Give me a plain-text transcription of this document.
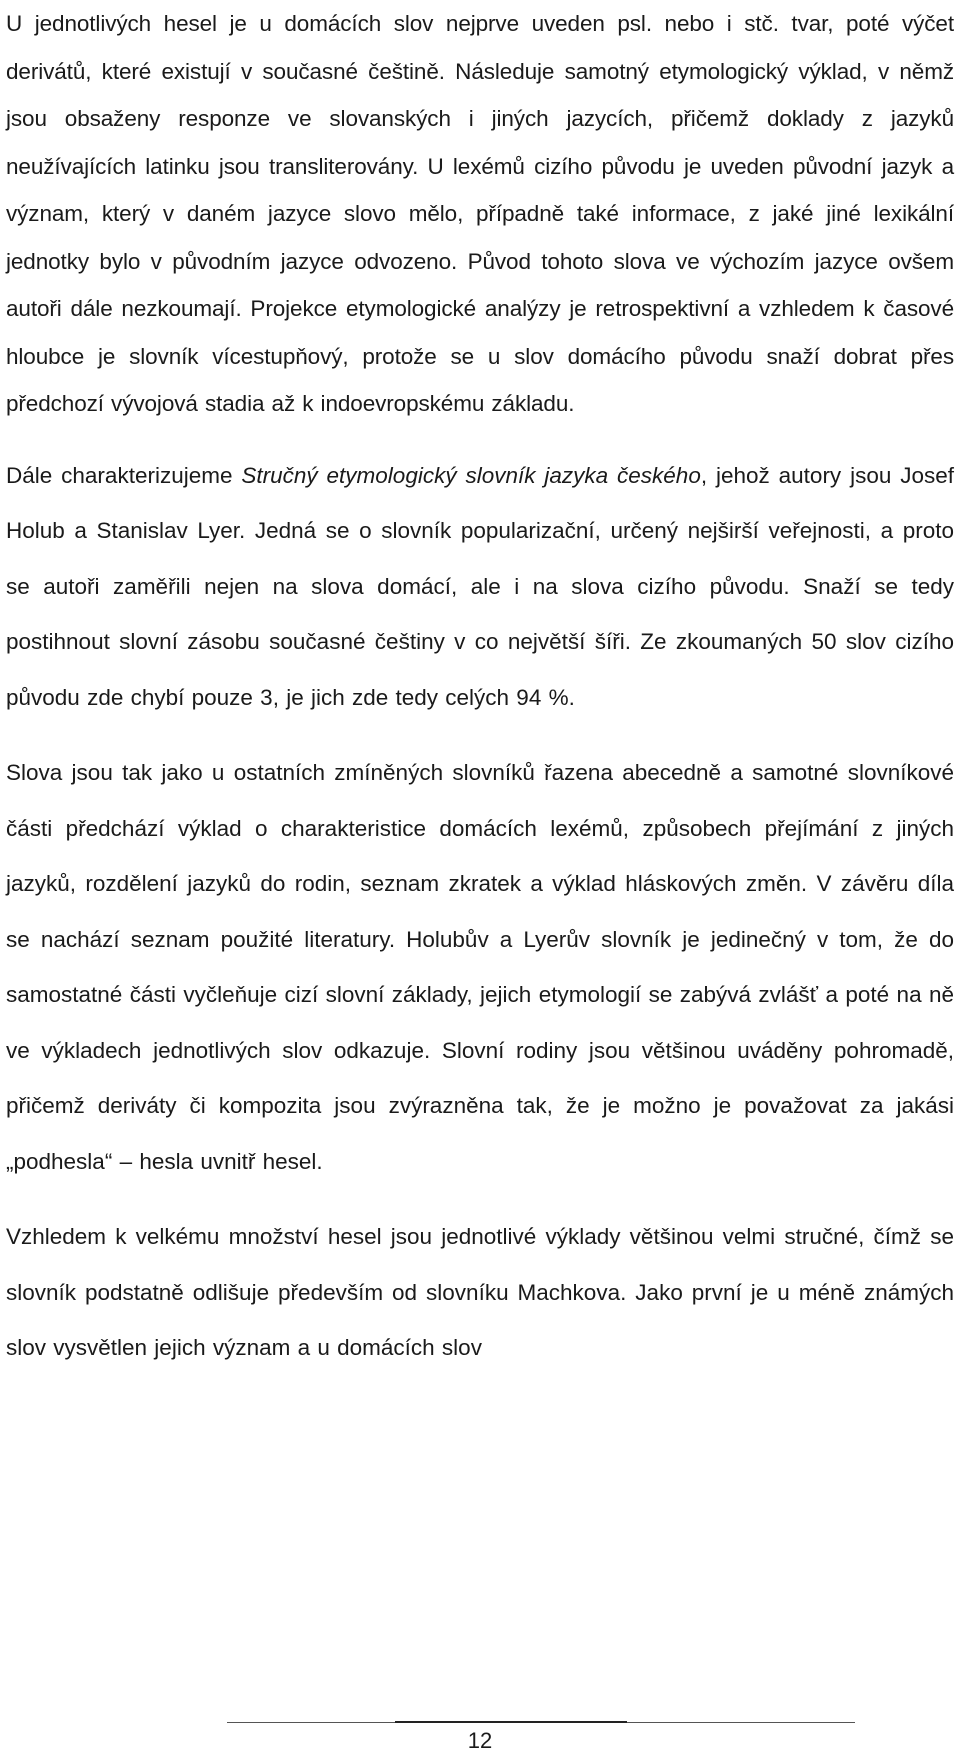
U jednotlivých hesel je u domácích slov nejprve uveden psl. nebo i stč. tvar, poté výčet derivátů, které existují v současné češtině. Následuje samotný etymologický výklad, v němž jsou obsaženy responze ve slovanských i jiných jazycích, přičemž doklady z jazyků neužívajících latinku jsou transliterovány. U lexémů cizího původu je uveden původní jazyk a význam, který v daném jazyce slovo mělo, případně také informace, z jaké jiné lexikální jednotky bylo v původním jazyce odvozeno. Původ tohoto slova ve výchozím jazyce ovšem autoři dále nezkoumají. Projekce etymologické analýzy je retrospektivní a vzhledem k časové hloubce je slovník vícestupňový, protože se u slov domácího původu snaží dobrat přes předchozí vývojová stadia až k indoevropskému základu.

Dále charakterizujeme Stručný etymologický slovník jazyka českého, jehož autory jsou Josef Holub a Stanislav Lyer. Jedná se o slovník popularizační, určený nejširší veřejnosti, a proto se autoři zaměřili nejen na slova domácí, ale i na slova cizího původu. Snaží se tedy postihnout slovní zásobu současné češtiny v co největší šíři. Ze zkoumaných 50 slov cizího původu zde chybí pouze 3, je jich zde tedy celých 94 %.

Slova jsou tak jako u ostatních zmíněných slovníků řazena abecedně a samotné slovníkové části předchází výklad o charakteristice domácích lexémů, způsobech přejímání z jiných jazyků, rozdělení jazyků do rodin, seznam zkratek a výklad hláskových změn. V závěru díla se nachází seznam použité literatury. Holubův a Lyerův slovník je jedinečný v tom, že do samostatné části vyčleňuje cizí slovní základy, jejich etymologií se zabývá zvlášť a poté na ně ve výkladech jednotlivých slov odkazuje. Slovní rodiny jsou většinou uváděny pohromadě, přičemž deriváty či kompozita jsou zvýrazněna tak, že je možno je považovat za jakási „podhesla“ – hesla uvnitř hesel.

Vzhledem k velkému množství hesel jsou jednotlivé výklady většinou velmi stručné, čímž se slovník podstatně odlišuje především od slovníku Machkova. Jako první je u méně známých slov vysvětlen jejich význam a u domácích slov

12
